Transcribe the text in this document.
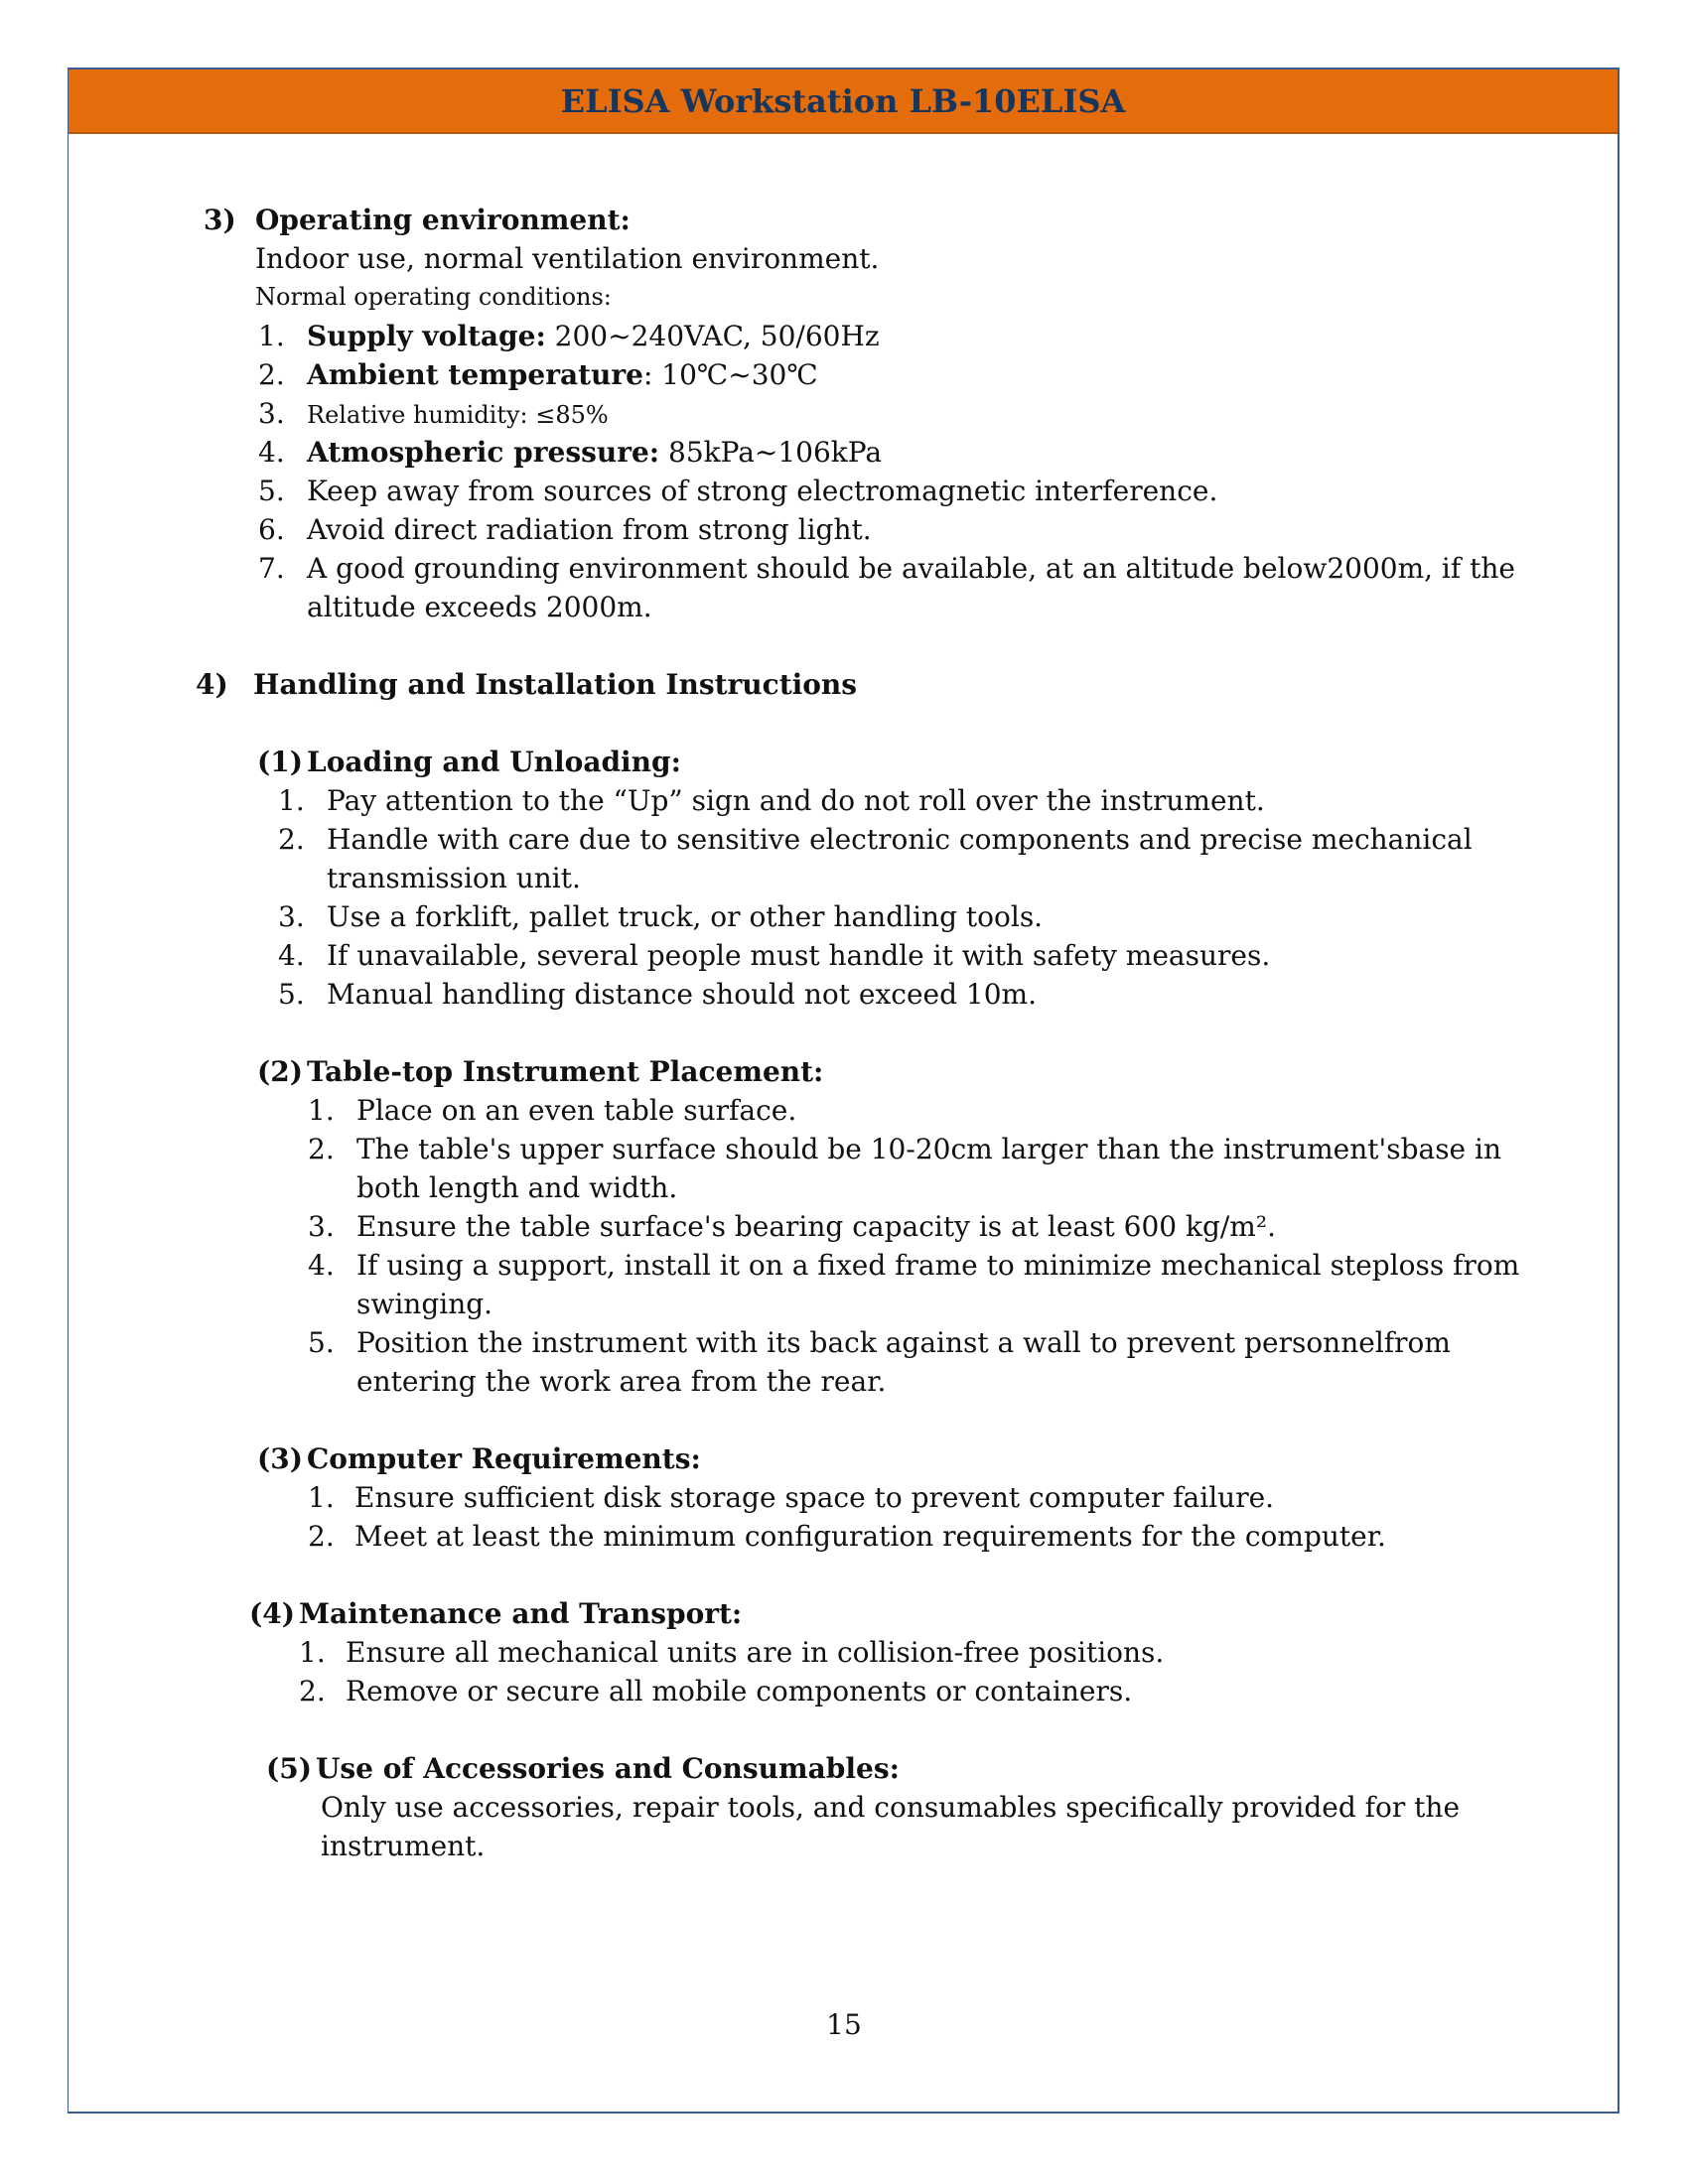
ELISA Workstation LB-10ELISA
3) Operating environment:
Indoor use, normal ventilation environment.
Normal operating conditions:
1. Supply voltage: 200~240VAC, 50/60Hz
2. Ambient temperature: 10℃~30℃
3. Relative humidity: ≤85%
4. Atmospheric pressure: 85kPa~106kPa
5. Keep away from sources of strong electromagnetic interference.
6. Avoid direct radiation from strong light.
7. A good grounding environment should be available, at an altitude below2000m, if the
altitude exceeds 2000m.
4) Handling and Installation Instructions
(1) Loading and Unloading:
1. Pay attention to the “Up” sign and do not roll over the instrument.
2. Handle with care due to sensitive electronic components and precise mechanical
transmission unit.
3. Use a forklift, pallet truck, or other handling tools.
4. If unavailable, several people must handle it with safety measures.
5. Manual handling distance should not exceed 10m.
(2) Table-top Instrument Placement:
1. Place on an even table surface.
2. The table's upper surface should be 10-20cm larger than the instrument'sbase in
both length and width.
3. Ensure the table surface's bearing capacity is at least 600 kg/m².
4. If using a support, install it on a fixed frame to minimize mechanical steploss from
swinging.
5. Position the instrument with its back against a wall to prevent personnelfrom
entering the work area from the rear.
(3) Computer Requirements:
1. Ensure sufficient disk storage space to prevent computer failure.
2. Meet at least the minimum configuration requirements for the computer.
(4) Maintenance and Transport:
1. Ensure all mechanical units are in collision-free positions.
2. Remove or secure all mobile components or containers.
(5) Use of Accessories and Consumables:
Only use accessories, repair tools, and consumables specifically provided for the
instrument.
15
